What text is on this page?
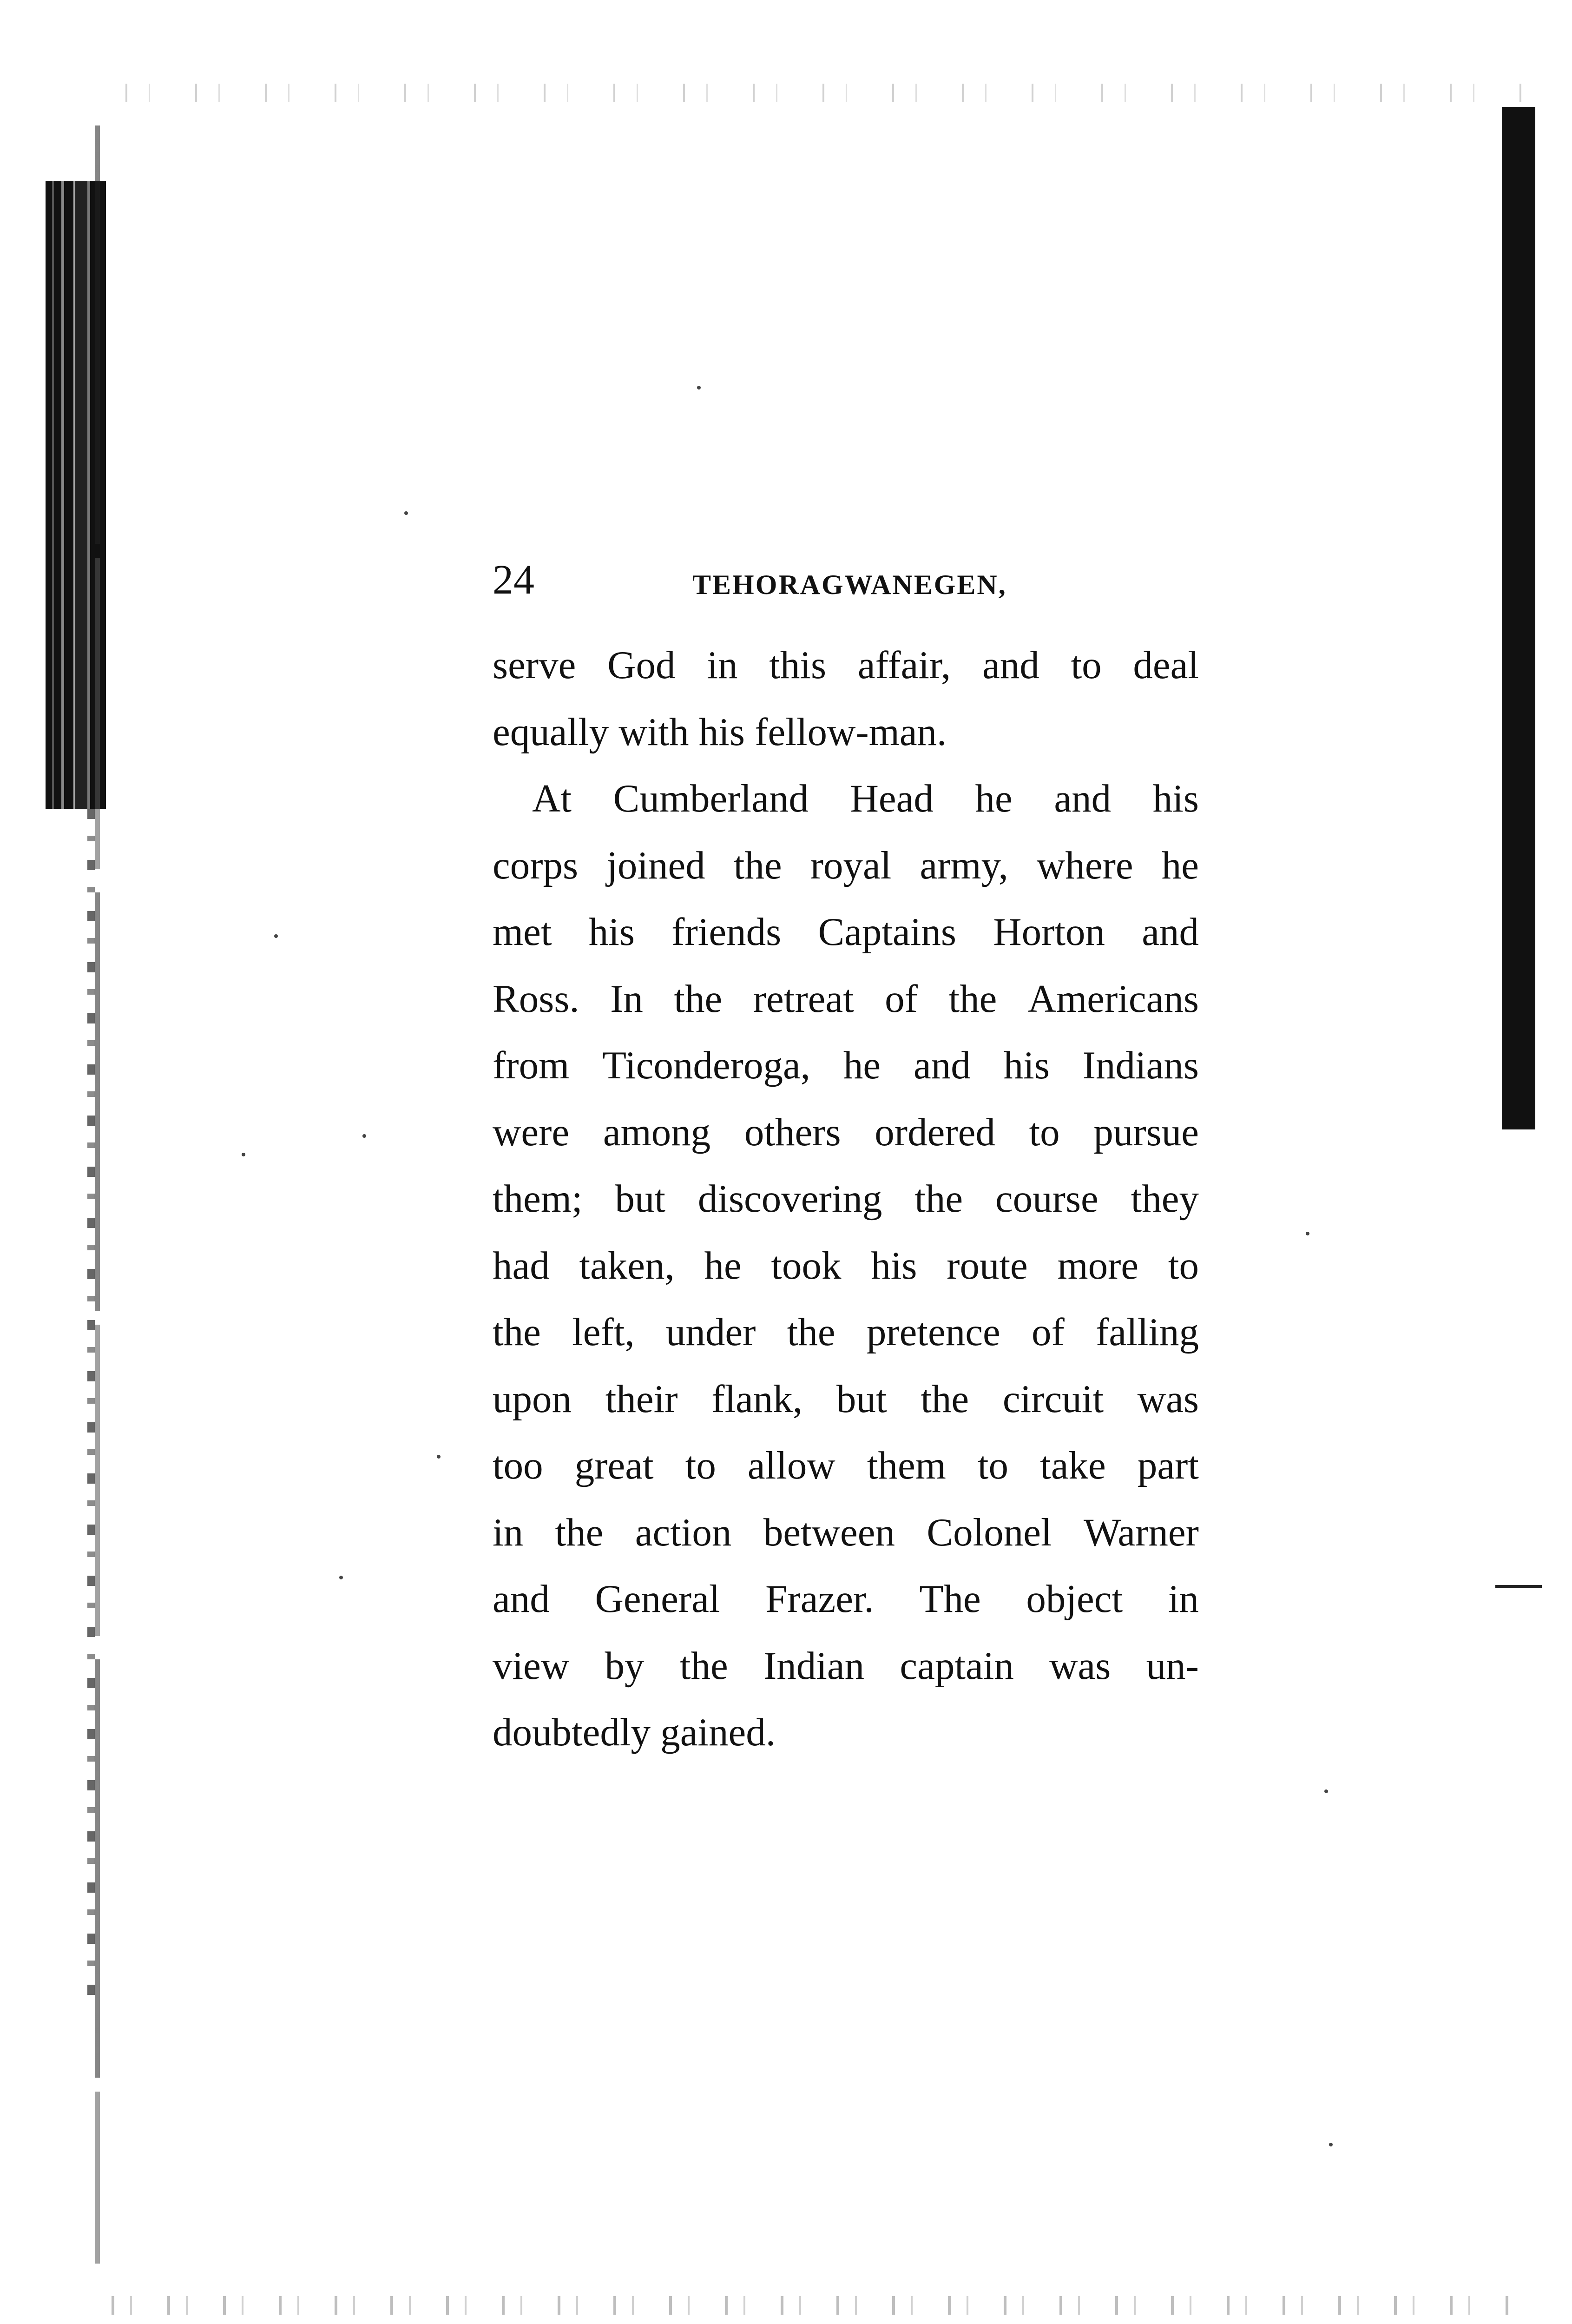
24	TEHORAGWANEGEN,
serve God in this affair, and to deal
equally with his fellow-man.
At Cumberland Head he and his
corps joined the royal army, where he
met his friends Captains Horton and
Ross. In the retreat of the Americans
from Ticonderoga, he and his Indians
were among others ordered to pursue
them; but discovering the course they
had taken, he took his route more to
the left, under the pretence of falling
upon their flank, but the circuit was
too great to allow them to take part
in the action between Colonel Warner
and General Frazer. The object in
view by the Indian captain was un-
doubtedly gained.
